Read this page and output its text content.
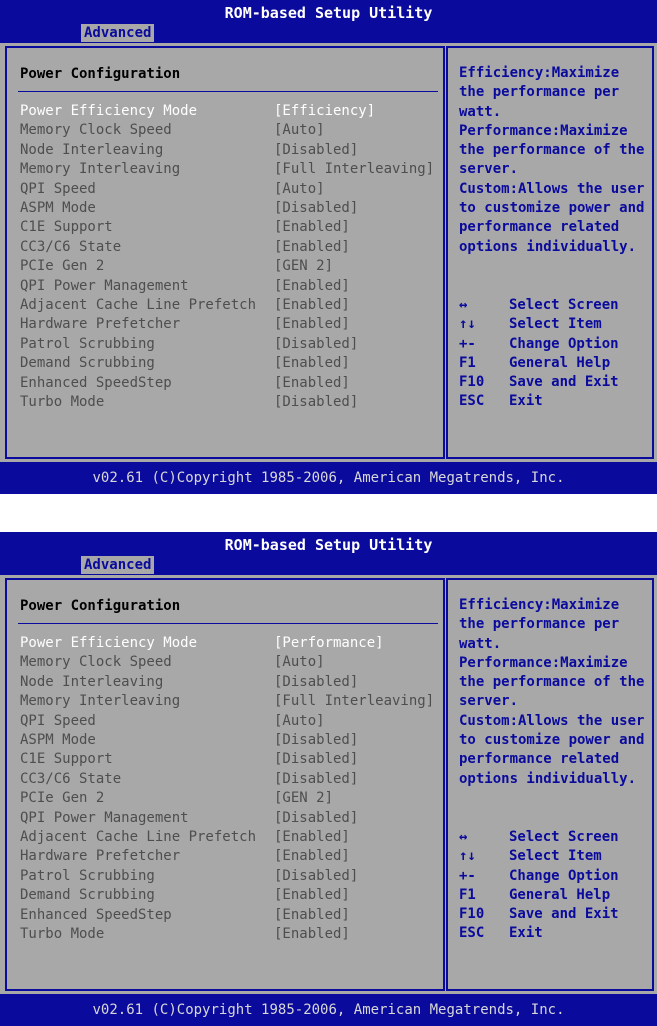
ROM-based Setup Utility
Advanced
Power Configuration
Power Efficiency Mode	[Efficiency]
Memory Clock Speed	[Auto]
Node Interleaving	[Disabled]
Memory Interleaving	[Full Interleaving]
QPI Speed	[Auto]
ASPM Mode	[Disabled]
C1E Support	[Enabled]
CC3/C6 State	[Enabled]
PCIe Gen 2	[GEN 2]
QPI Power Management	[Enabled]
Adjacent Cache Line Prefetch [Enabled]
Hardware Prefetcher	[Enabled]
Patrol Scrubbing	[Disabled]
Demand Scrubbing	[Enabled]
Enhanced SpeedStep	[Enabled]
Turbo Mode	[Disabled]
Efficiency:Maximize
the performance per
watt.
Performance:Maximize
the performance of the
server.
Custom:Allows the user
to customize power and
performance related
options individually.
↔	Select Screen
↑↓ Select Item
+- Change Option
F1 General Help
F10 Save and Exit
ESC Exit
v02.61 (C)Copyright 1985-2006, American Megatrends, Inc.
ROM-based Setup Utility
Advanced
Power Configuration
Power Efficiency Mode	[Performance]
Memory Clock Speed	[Auto]
Node Interleaving	[Disabled]
Memory Interleaving	[Full Interleaving]
QPI Speed	[Auto]
ASPM Mode	[Disabled]
C1E Support	[Disabled]
CC3/C6 State	[Disabled]
PCIe Gen 2	[GEN 2]
QPI Power Management	[Disabled]
Adjacent Cache Line Prefetch [Enabled]
Hardware Prefetcher	[Enabled]
Patrol Scrubbing	[Disabled]
Demand Scrubbing	[Enabled]
Enhanced SpeedStep	[Enabled]
Turbo Mode	[Enabled]
Efficiency:Maximize
the performance per
watt.
Performance:Maximize
the performance of the
server.
Custom:Allows the user
to customize power and
performance related
options individually.
↔	Select Screen
↑↓ Select Item
+- Change Option
F1 General Help
F10 Save and Exit
ESC Exit
v02.61 (C)Copyright 1985-2006, American Megatrends, Inc.
